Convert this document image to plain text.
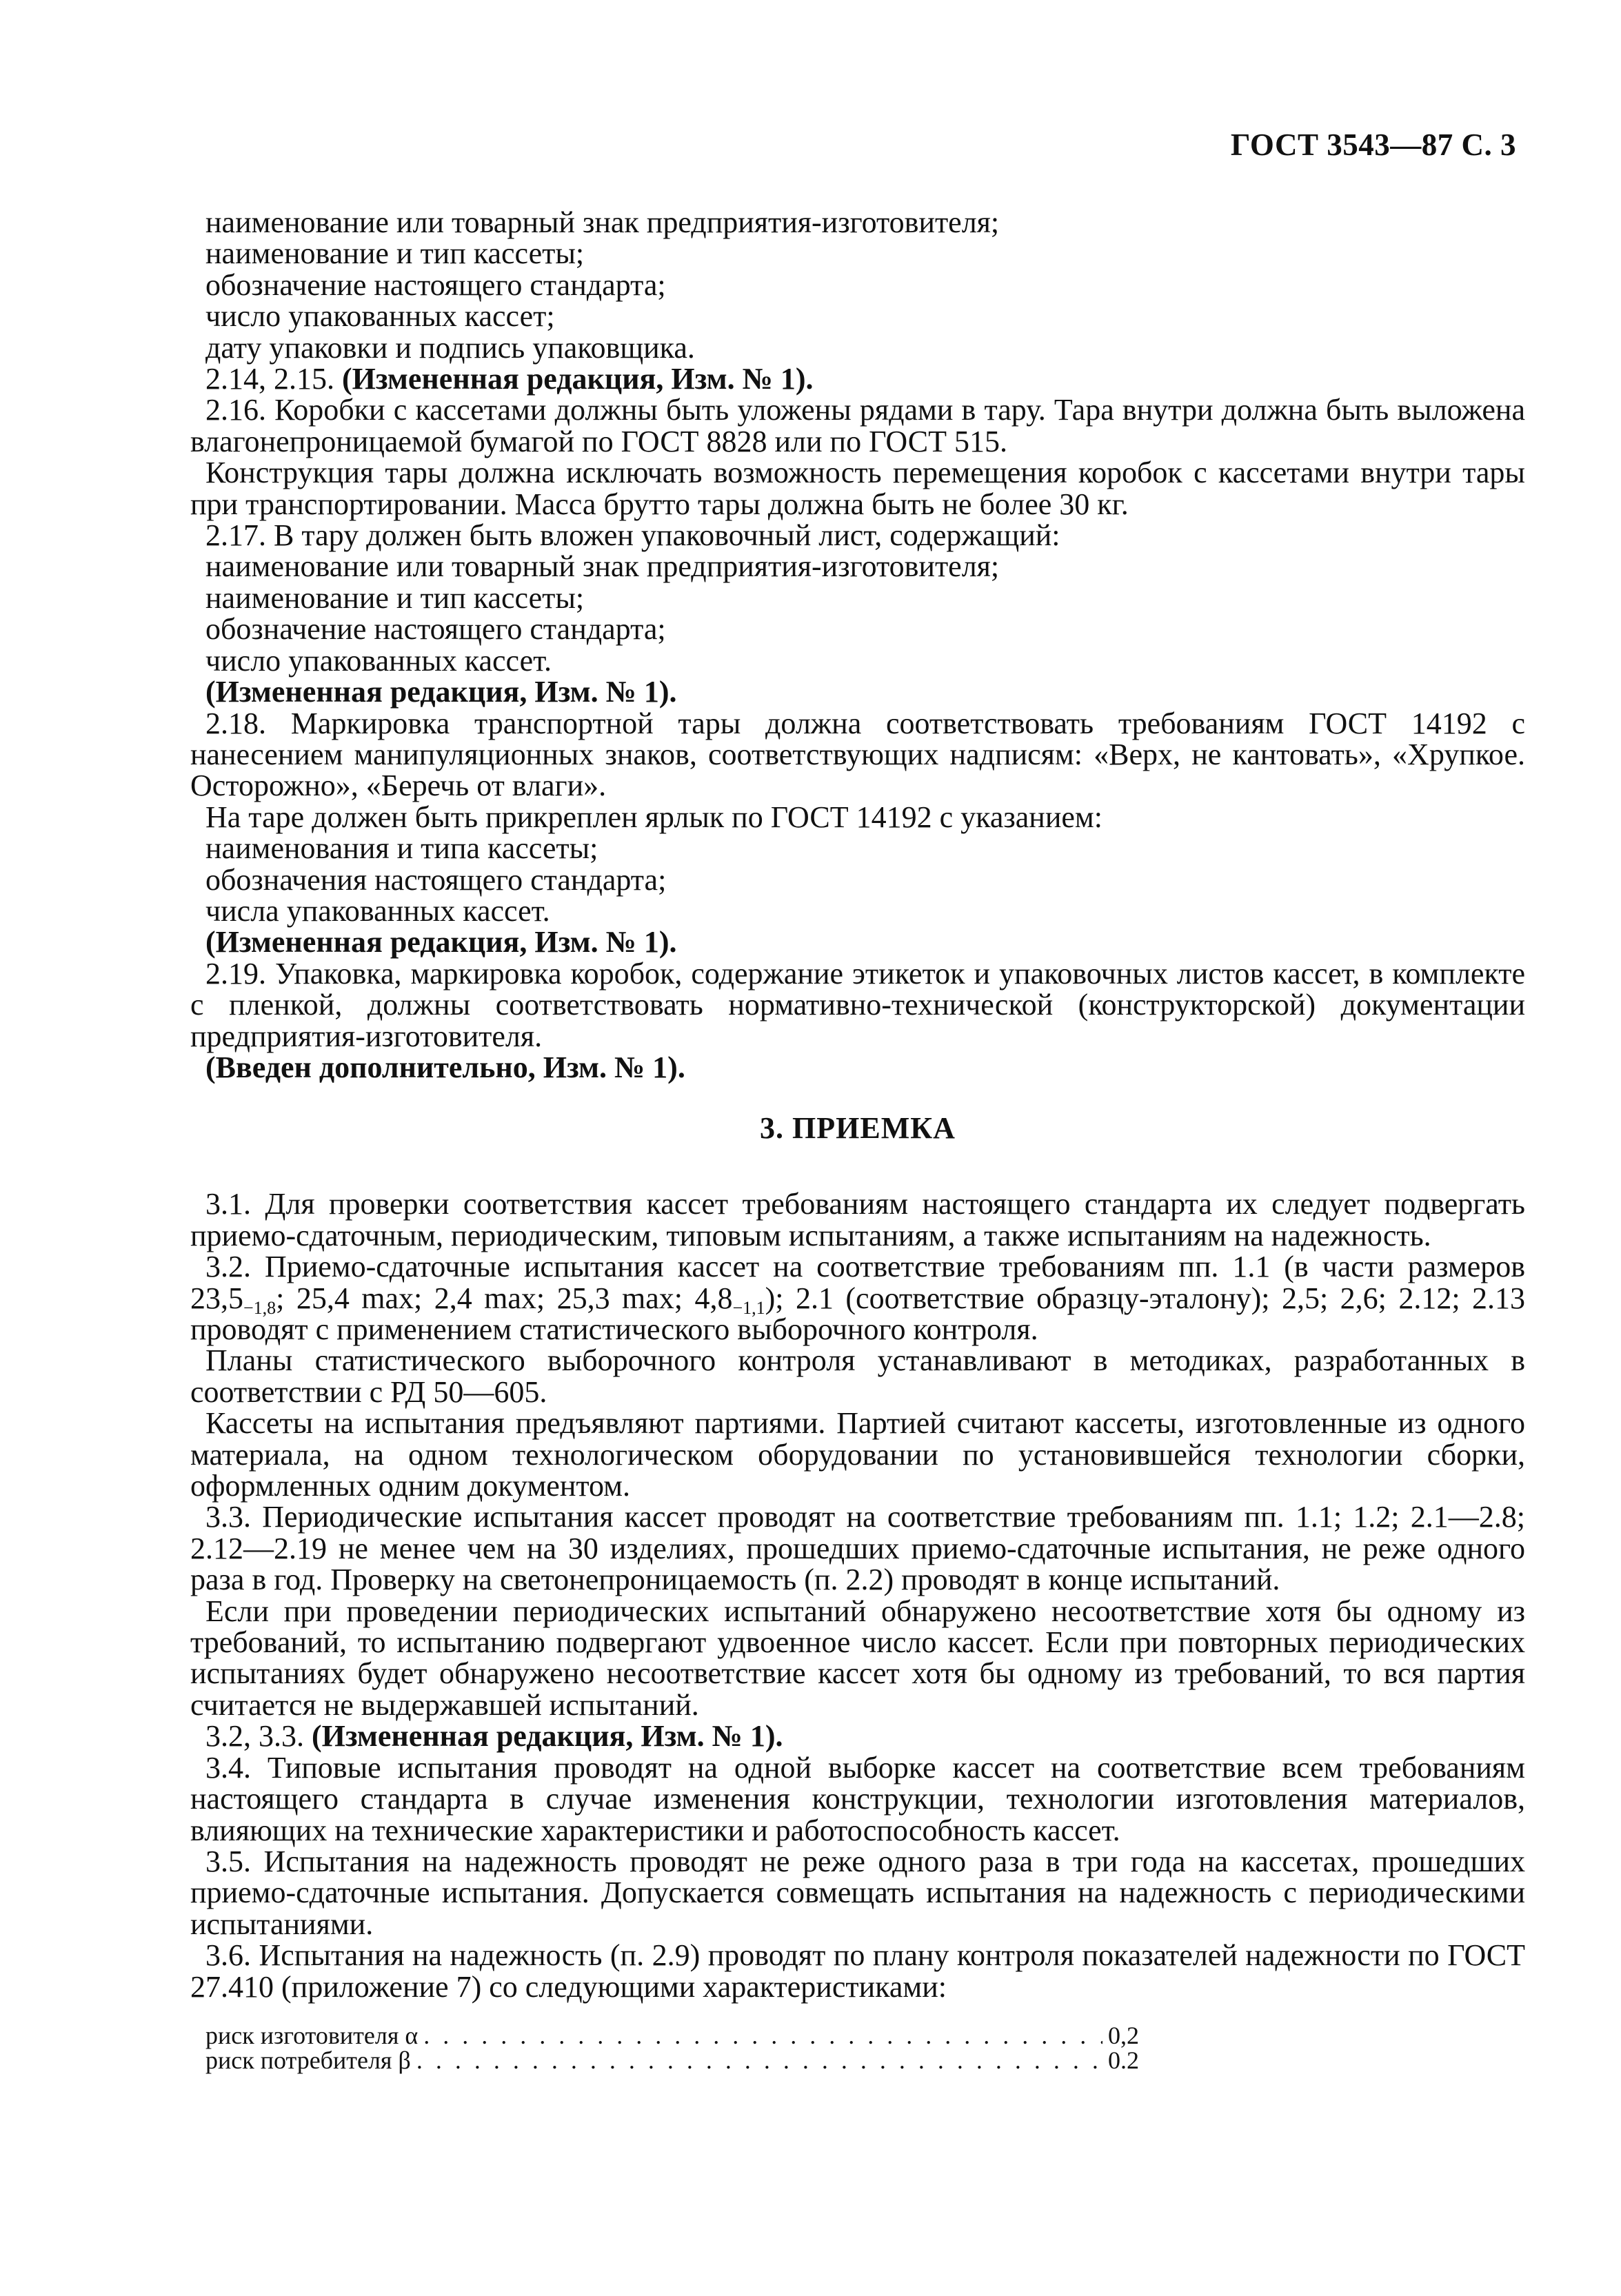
ГОСТ 3543—87 С. 3

наименование или товарный знак предприятия-изготовителя;

наименование и тип кассеты;

обозначение настоящего стандарта;

число упакованных кассет;

дату упаковки и подпись упаковщика.

2.14, 2.15. (Измененная редакция, Изм. № 1).

2.16. Коробки с кассетами должны быть уложены рядами в тару. Тара внутри должна быть выложена влагонепроницаемой бумагой по ГОСТ 8828 или по ГОСТ 515.

Конструкция тары должна исключать возможность перемещения коробок с кассетами внутри тары при транспортировании. Масса брутто тары должна быть не более 30 кг.

2.17. В тару должен быть вложен упаковочный лист, содержащий:

наименование или товарный знак предприятия-изготовителя;

наименование и тип кассеты;

обозначение настоящего стандарта;

число упакованных кассет.

(Измененная редакция, Изм. № 1).

2.18. Маркировка транспортной тары должна соответствовать требованиям ГОСТ 14192 с нанесением манипуляционных знаков, соответствующих надписям: «Верх, не кантовать», «Хрупкое. Осторожно», «Беречь от влаги».

На таре должен быть прикреплен ярлык по ГОСТ 14192 с указанием:

наименования и типа кассеты;

обозначения настоящего стандарта;

числа упакованных кассет.

(Измененная редакция, Изм. № 1).

2.19. Упаковка, маркировка коробок, содержание этикеток и упаковочных листов кассет, в комплекте с пленкой, должны соответствовать нормативно-технической (конструкторской) документации предприятия-изготовителя.

(Введен дополнительно, Изм. № 1).

3. ПРИЕМКА

3.1. Для проверки соответствия кассет требованиям настоящего стандарта их следует подвергать приемо-сдаточным, периодическим, типовым испытаниям, а также испытаниям на надежность.

3.2. Приемо-сдаточные испытания кассет на соответствие требованиям пп. 1.1 (в части размеров $23,5_{-1,8}$; 25,4 max; 2,4 max; 25,3 max; $4,8_{-1,1}$); 2.1 (соответствие образцу-эталону); 2,5; 2,6; 2.12; 2.13 проводят с применением статистического выборочного контроля.

Планы статистического выборочного контроля устанавливают в методиках, разработанных в соответствии с РД 50—605.

Кассеты на испытания предъявляют партиями. Партией считают кассеты, изготовленные из одного материала, на одном технологическом оборудовании по установившейся технологии сборки, оформленных одним документом.

3.3. Периодические испытания кассет проводят на соответствие требованиям пп. 1.1; 1.2; 2.1—2.8; 2.12—2.19 не менее чем на 30 изделиях, прошедших приемо-сдаточные испытания, не реже одного раза в год. Проверку на светонепроницаемость (п. 2.2) проводят в конце испытаний.

Если при проведении периодических испытаний обнаружено несоответствие хотя бы одному из требований, то испытанию подвергают удвоенное число кассет. Если при повторных периодических испытаниях будет обнаружено несоответствие кассет хотя бы одному из требований, то вся партия считается не выдержавшей испытаний.

3.2, 3.3. (Измененная редакция, Изм. № 1).

3.4. Типовые испытания проводят на одной выборке кассет на соответствие всем требованиям настоящего стандарта в случае изменения конструкции, технологии изготовления материалов, влияющих на технические характеристики и работоспособность кассет.

3.5. Испытания на надежность проводят не реже одного раза в три года на кассетах, прошедших приемо-сдаточные испытания. Допускается совмещать испытания на надежность с периодическими испытаниями.

3.6. Испытания на надежность (п. 2.9) проводят по плану контроля показателей надежности по ГОСТ 27.410 (приложение 7) со следующими характеристиками:

риск изготовителя α . . .	0,2
риск потребителя β . . .	0.2
